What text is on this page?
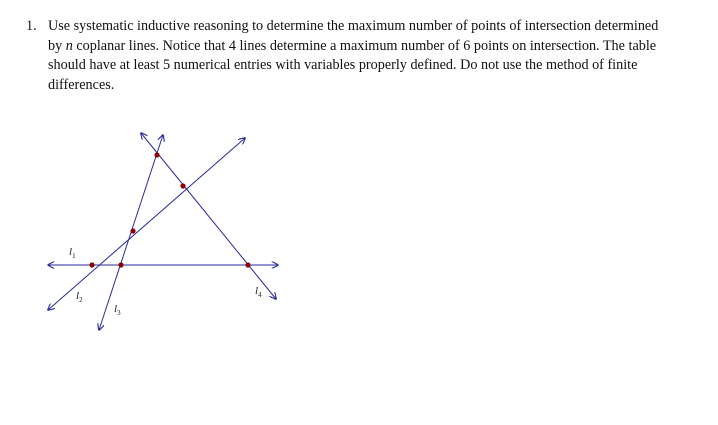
1. Use systematic inductive reasoning to determine the maximum number of points of intersection determined
by n coplanar lines. Notice that 4 lines determine a maximum number of 6 points on intersection. The table
should have at least 5 numerical entries with variables properly defined. Do not use the method of finite
differences.
$l_1$
$l_2$
$l_3$
$l_4$
